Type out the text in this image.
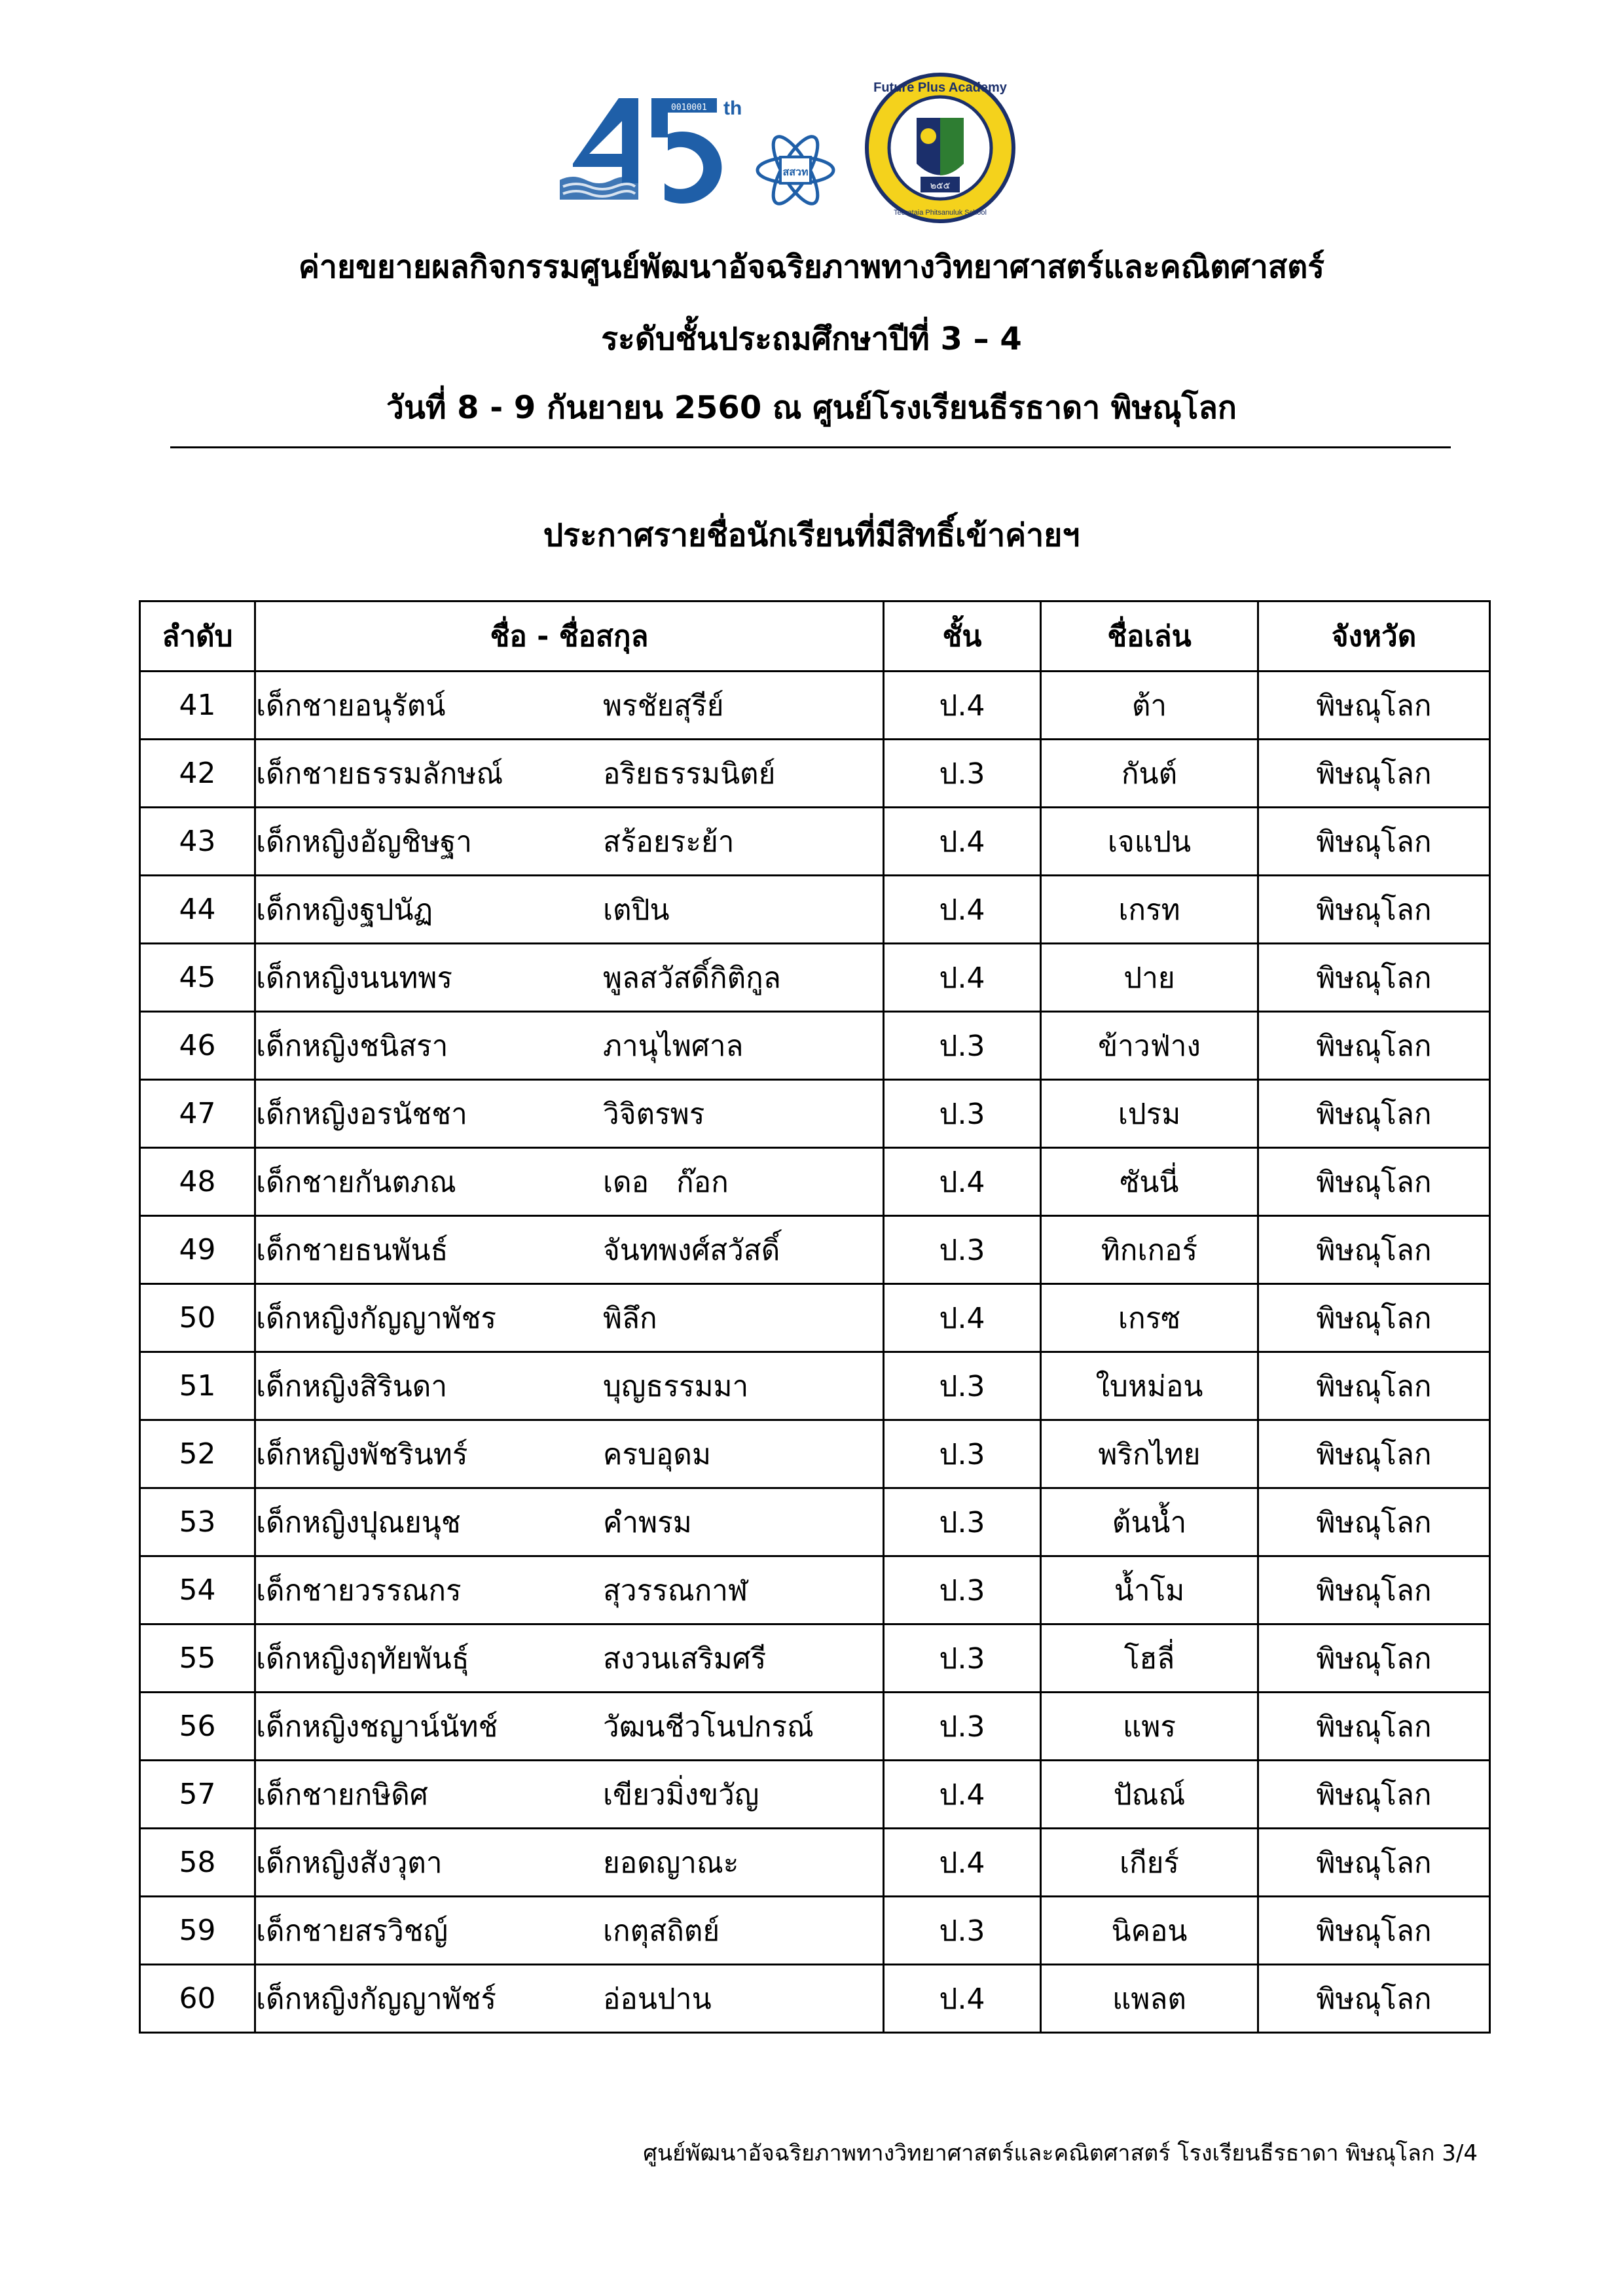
th
0010001
สสวท
๒๕๕
Future Plus Academy
Teerataia Phitsanuluk School
ค่ายขยายผลกิจกรรมศูนย์พัฒนาอัจฉริยภาพทางวิทยาศาสตร์และคณิตศาสตร์
ระดับชั้นประถมศึกษาปีที่ 3 – 4
วันที่ 8 - 9 กันยายน 2560 ณ ศูนย์โรงเรียนธีรธาดา พิษณุโลก
ประกาศรายชื่อนักเรียนที่มีสิทธิ์เข้าค่ายฯ
ลำดับ	ชื่อ - ชื่อสกุล	ชั้น	ชื่อเล่น	จังหวัด
41	เด็กชายอนุรัตน์ พรชัยสุรีย์	ป.4	ต้า	พิษณุโลก
42	เด็กชายธรรมลักษณ์ อริยธรรมนิตย์	ป.3	กันต์	พิษณุโลก
43	เด็กหญิงอัญชิษฐา สร้อยระย้า	ป.4	เจแปน	พิษณุโลก
44	เด็กหญิงฐปนัฏ เตปิน	ป.4	เกรท	พิษณุโลก
45	เด็กหญิงนนทพร พูลสวัสดิ์กิติกูล	ป.4	ปาย	พิษณุโลก
46	เด็กหญิงชนิสรา ภานุไพศาล	ป.3	ข้าวฟ่าง	พิษณุโลก
47	เด็กหญิงอรนัชชา วิจิตรพร	ป.3	เปรม	พิษณุโลก
48	เด็กชายกันตภณ เดอ   ก๊อก	ป.4	ซันนี่	พิษณุโลก
49	เด็กชายธนพันธ์ จันทพงศ์สวัสดิ์	ป.3	ทิกเกอร์	พิษณุโลก
50	เด็กหญิงกัญญาพัชร พิลึก	ป.4	เกรซ	พิษณุโลก
51	เด็กหญิงสิรินดา บุญธรรมมา	ป.3	ใบหม่อน	พิษณุโลก
52	เด็กหญิงพัชรินทร์ ครบอุดม	ป.3	พริกไทย	พิษณุโลก
53	เด็กหญิงปุณยนุช คำพรม	ป.3	ต้นน้ำ	พิษณุโลก
54	เด็กชายวรรณกร สุวรรณกาฬ	ป.3	น้ำโม	พิษณุโลก
55	เด็กหญิงฤทัยพันธุ์ สงวนเสริมศรี	ป.3	โฮลี่	พิษณุโลก
56	เด็กหญิงชญาน์นัทช์ วัฒนชีวโนปกรณ์	ป.3	แพร	พิษณุโลก
57	เด็กชายกษิดิศ เขียวมิ่งขวัญ	ป.4	ปัณณ์	พิษณุโลก
58	เด็กหญิงสังวุตา ยอดญาณะ	ป.4	เกียร์	พิษณุโลก
59	เด็กชายสรวิชญ์ เกตุสถิตย์	ป.3	นิคอน	พิษณุโลก
60	เด็กหญิงกัญญาพัชร์ อ่อนปาน	ป.4	แพลต	พิษณุโลก
ศูนย์พัฒนาอัจฉริยภาพทางวิทยาศาสตร์และคณิตศาสตร์ โรงเรียนธีรธาดา พิษณุโลก 3/4
